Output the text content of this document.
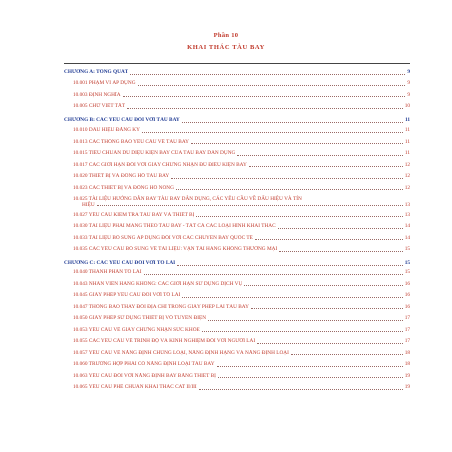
Phần 10
KHAI THÁC TÀU BAY
CHƯƠNG A: TỔNG QUÁT	9
10.001 PHẠM VI ÁP DỤNG	9
10.003 ĐỊNH NGHĨA	9
10.005 CHỮ VIẾT TẮT	10
CHƯƠNG B: CÁC YÊU CẦU ĐỐI VỚI TÀU BAY	11
10.010 DẤU HIỆU ĐĂNG KÝ	11
10.013 CÁC THÔNG BÁO YÊU CẦU VỀ TÀU BAY	11
10.015 TIÊU CHUẨN DU DIỆU KIỆN BAY CỦA TÀU BAY DÂN DỤNG	11
10.017 CÁC GIỚI HẠN ĐỔI VỚI GIẤY CHỨNG NHẬN ĐỦ ĐIỀU KIỆN BAY	12
10.020 THIẾT BỊ VÀ ĐỒNG HỒ TÀU BAY	12
10.023 CÁC THIẾT BỊ VÀ ĐỒNG HỒ NÓNG	12
10.025 TÀI LIỆU HƯỚNG DẪN BAY TÀU BAY DÂN DỤNG, CÁC YÊU CẦU VỀ DẤU HIỆU VÀ TÍN
HIỆU	13
10.027 YÊU CẦU KIỂM TRA TÀU BAY VÀ THIẾT BỊ	13
10.030 TÀI LIỆU PHẢI MANG THEO TÀU BAY - TẤT CẢ CÁC LOẠI HÌNH KHAI THÁC	14
10.033 TÀI LIỆU BỔ SUNG ÁP DỤNG ĐỐI VỚI CÁC CHUYẾN BAY QUỐC TẾ	14
10.035 CÁC YÊU CẦU BỔ SUNG VỀ TÀI LIỆU: VẬN TẢI HÀNG KHÔNG THƯƠNG MẠI	15
CHƯƠNG C: CÁC YÊU CẦU ĐỐI VỚI TỔ LÁI	15
10.040 THÀNH PHẦN TỔ LÁI	15
10.043 NHÂN VIÊN HÀNG KHÔNG: CÁC GIỚI HẠN SỬ DỤNG DỊCH VỤ	16
10.045 GIẤY PHÉP YÊU CẦU ĐỐI VỚI TỔ LÁI	16
10.047 THÔNG BÁO THAY ĐỔI ĐỊA CHỈ TRONG GIẤY PHÉP LÁI TÀU BAY	16
10.050 GIẤY PHÉP SỬ DỤNG THIẾT BỊ VÔ TUYẾN ĐIỆN	17
10.053 YÊU CẦU VỀ GIẤY CHỨNG NHẬN SỨC KHỎE	17
10.055 CÁC YÊU CẦU VỀ TRÌNH ĐỘ VÀ KINH NGHIỆM ĐỐI VỚI NGƯỜI LÁI	17
10.057 YÊU CẦU VỀ NĂNG ĐỊNH CHỦNG LOẠI, NĂNG ĐỊNH HẠNG VÀ NĂNG ĐỊNH LOẠI	18
10.060 TRƯỜNG HỢP PHẢI CÓ NĂNG ĐỊNH LOẠI TÀU BAY	18
10.063 YÊU CẦU ĐỐI VỚI NĂNG ĐỊNH BAY BẰNG THIẾT BỊ	19
10.065 YÊU CẦU PHÊ CHUẨN KHAI THÁC CAT II/III	19
